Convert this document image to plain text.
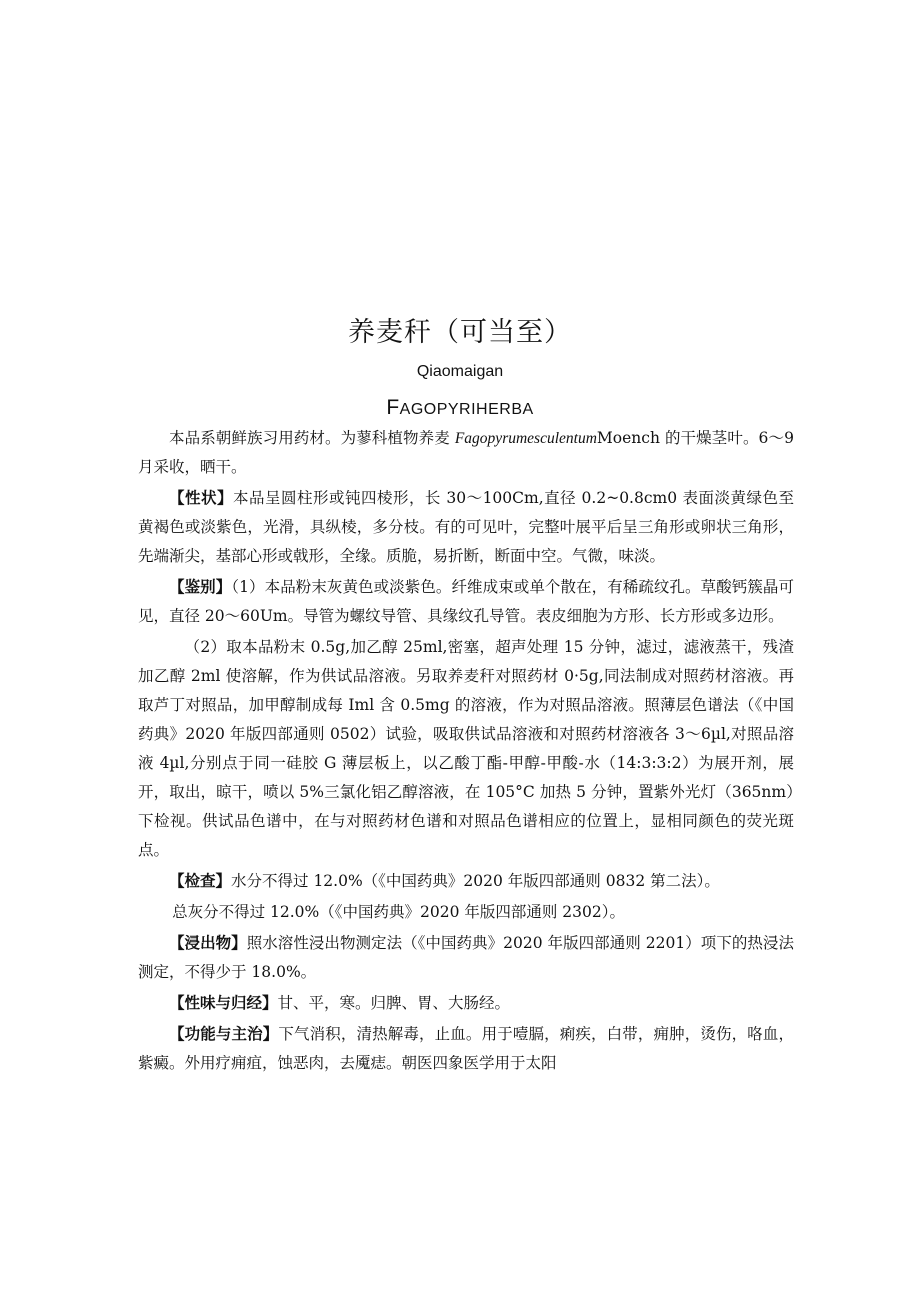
养麦秆（可当至）
Qiaomaigan
FAGOPYRIHERBA

本品系朝鲜族习用药材。为蓼科植物养麦 FagopyrumesculentumMoench 的干燥茎叶。6～9 月采收，晒干。

【性状】本品呈圆柱形或钝四棱形，长 30～100Cm,直径 0.2~0.8cm0 表面淡黄绿色至黄褐色或淡紫色，光滑，具纵棱，多分枝。有的可见叶，完整叶展平后呈三角形或卵状三角形，先端渐尖，基部心形或戟形，全缘。质脆，易折断，断面中空。气微，味淡。

【鉴别】（1）本品粉末灰黄色或淡紫色。纤维成束或单个散在，有稀疏纹孔。草酸钙簇晶可见，直径 20～60Um。导管为螺纹导管、具缘纹孔导管。表皮细胞为方形、长方形或多边形。

（2）取本品粉末 0.5g,加乙醇 25ml,密塞，超声处理 15 分钟，滤过，滤液蒸干，残渣加乙醇 2ml 使溶解，作为供试品溶液。另取养麦秆对照药材 0·5g,同法制成对照药材溶液。再取芦丁对照品，加甲醇制成每 Iml 含 0.5mg 的溶液，作为对照品溶液。照薄层色谱法（《中国药典》2020 年版四部通则 0502）试验，吸取供试品溶液和对照药材溶液各 3～6µl,对照品溶液 4µl,分别点于同一硅胶 G 薄层板上，以乙酸丁酯-甲醇-甲酸-水（14:3:3:2）为展开剂，展开，取出，晾干，喷以 5%三氯化铝乙醇溶液，在 105°C 加热 5 分钟，置紫外光灯（365nm）下检视。供试品色谱中，在与对照药材色谱和对照品色谱相应的位置上，显相同颜色的荧光斑点。

【检查】水分不得过 12.0%（《中国药典》2020 年版四部通则 0832 第二法）。

总灰分不得过 12.0%（《中国药典》2020 年版四部通则 2302）。

【浸出物】照水溶性浸出物测定法（《中国药典》2020 年版四部通则 2201）项下的热浸法测定，不得少于 18.0%。

【性味与归经】甘、平，寒。归脾、胃、大肠经。

【功能与主治】下气消积，清热解毒，止血。用于噎膈，痢疾，白带，痈肿，烫伤，咯血，紫癜。外用疗痈疽，蚀恶肉，去魇痣。朝医四象医学用于太阳
